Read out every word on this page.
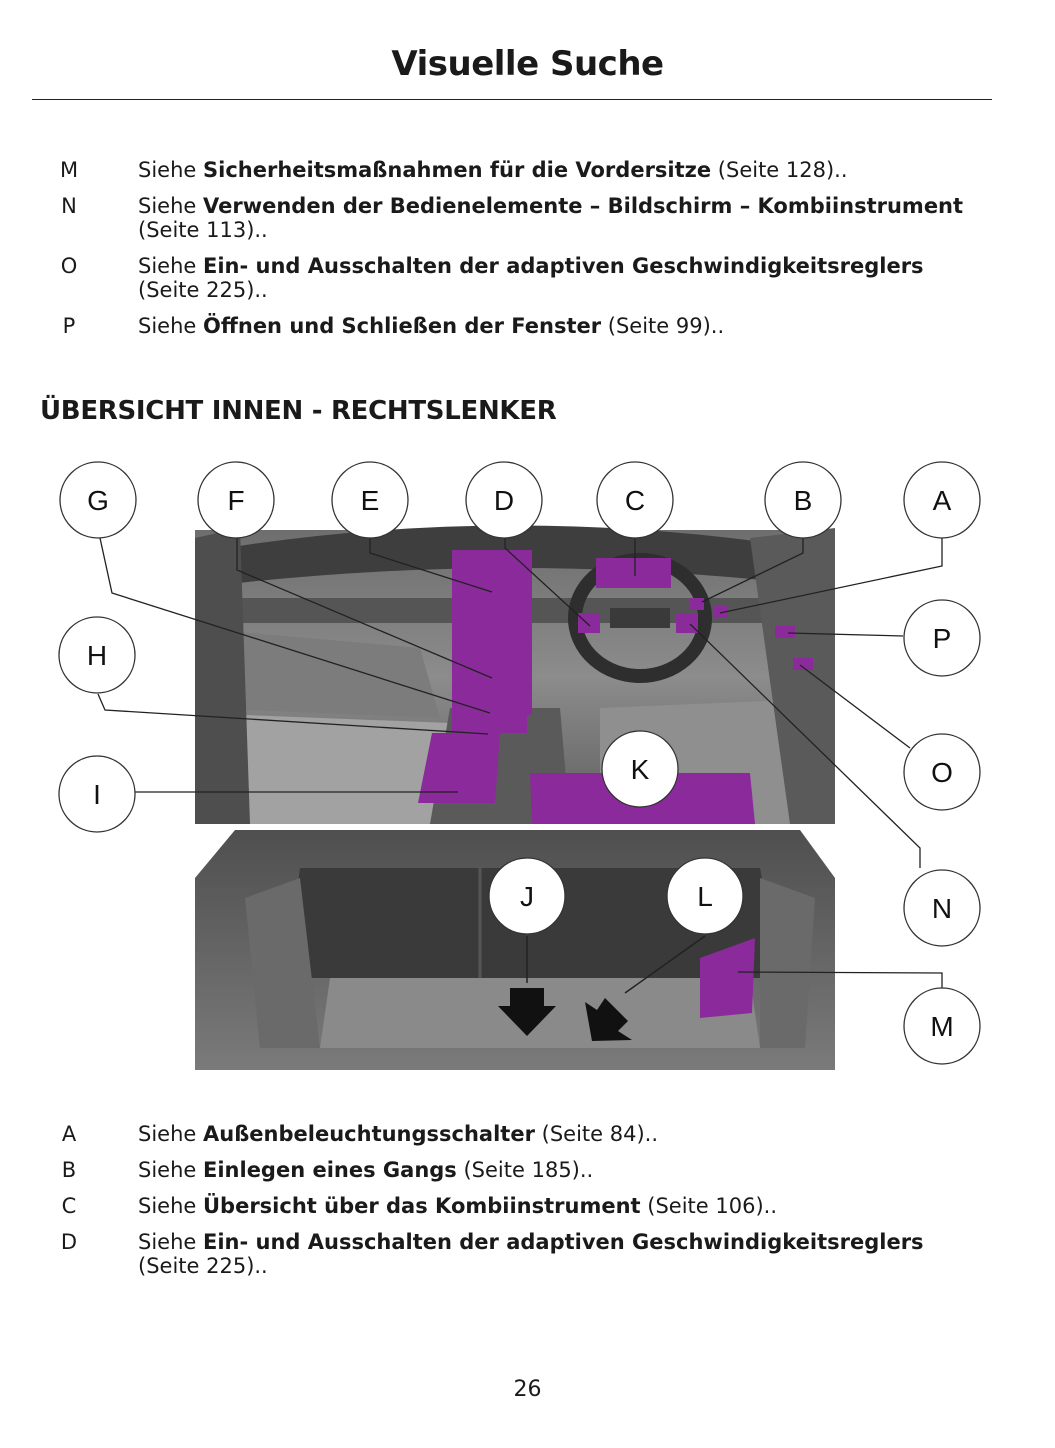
Visuelle Suche
M	Siehe Sicherheitsmaßnahmen für die Vordersitze (Seite 128)..
N	Siehe Verwenden der Bedienelemente – Bildschirm – Kombiinstrument (Seite 113)..
O	Siehe Ein- und Ausschalten der adaptiven Geschwindigkeitsreglers (Seite 225)..
P	Siehe Öffnen und Schließen der Fenster (Seite 99)..
ÜBERSICHT INNEN - RECHTSLENKER
G	F	E	D	C	B	A
H
P
I
K	O
J	L	N
M
A	Siehe Außenbeleuchtungsschalter (Seite 84)..
B	Siehe Einlegen eines Gangs (Seite 185)..
C	Siehe Übersicht über das Kombiinstrument (Seite 106)..
D	Siehe Ein- und Ausschalten der adaptiven Geschwindigkeitsreglers (Seite 225)..
26
